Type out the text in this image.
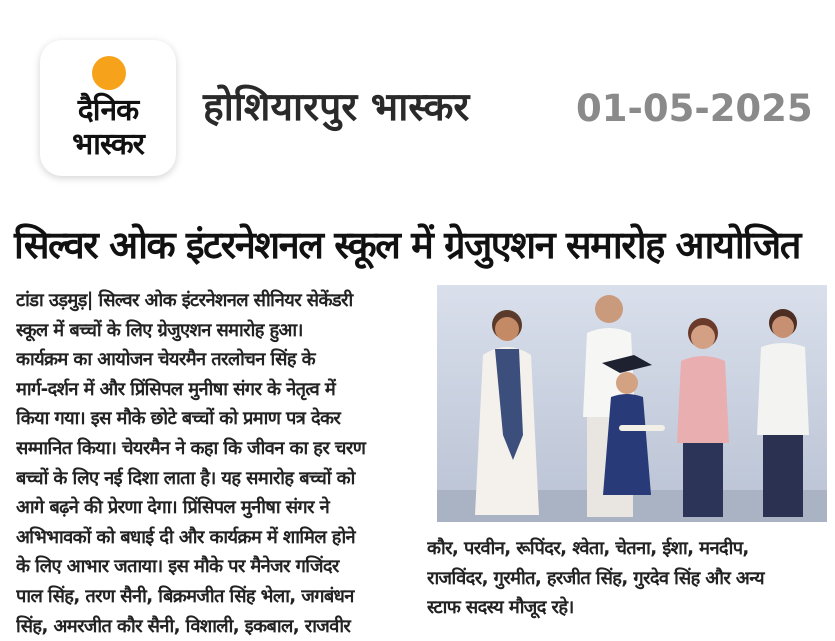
दैनिक
भास्कर
होशियारपुर भास्कर	01-05-2025
सिल्वर ओक इंटरनेशनल स्कूल में ग्रेजुएशन समारोह आयोजित
टांडा उड़मुड़| सिल्वर ओक इंटरनेशनल सीनियर सेकेंडरी
स्कूल में बच्चों के लिए ग्रेजुएशन समारोह हुआ।
कार्यक्रम का आयोजन चेयरमैन तरलोचन सिंह के
मार्ग-दर्शन में और प्रिंसिपल मुनीषा संगर के नेतृत्व में
किया गया। इस मौके छोटे बच्चों को प्रमाण पत्र देकर
सम्मानित किया। चेयरमैन ने कहा कि जीवन का हर चरण
बच्चों के लिए नई दिशा लाता है। यह समारोह बच्चों को
आगे बढ़ने की प्रेरणा देगा। प्रिंसिपल मुनीषा संगर ने
अभिभावकों को बधाई दी और कार्यक्रम में शामिल होने
के लिए आभार जताया। इस मौके पर मैनेजर गजिंदर
पाल सिंह, तरण सैनी, बिक्रमजीत सिंह भेला, जगबंधन
सिंह, अमरजीत कौर सैनी, विशाली, इकबाल, राजवीर
कौर, परवीन, रूपिंदर, श्वेता, चेतना, ईशा, मनदीप,
राजविंदर, गुरमीत, हरजीत सिंह, गुरदेव सिंह और अन्य
स्टाफ सदस्य मौजूद रहे।
